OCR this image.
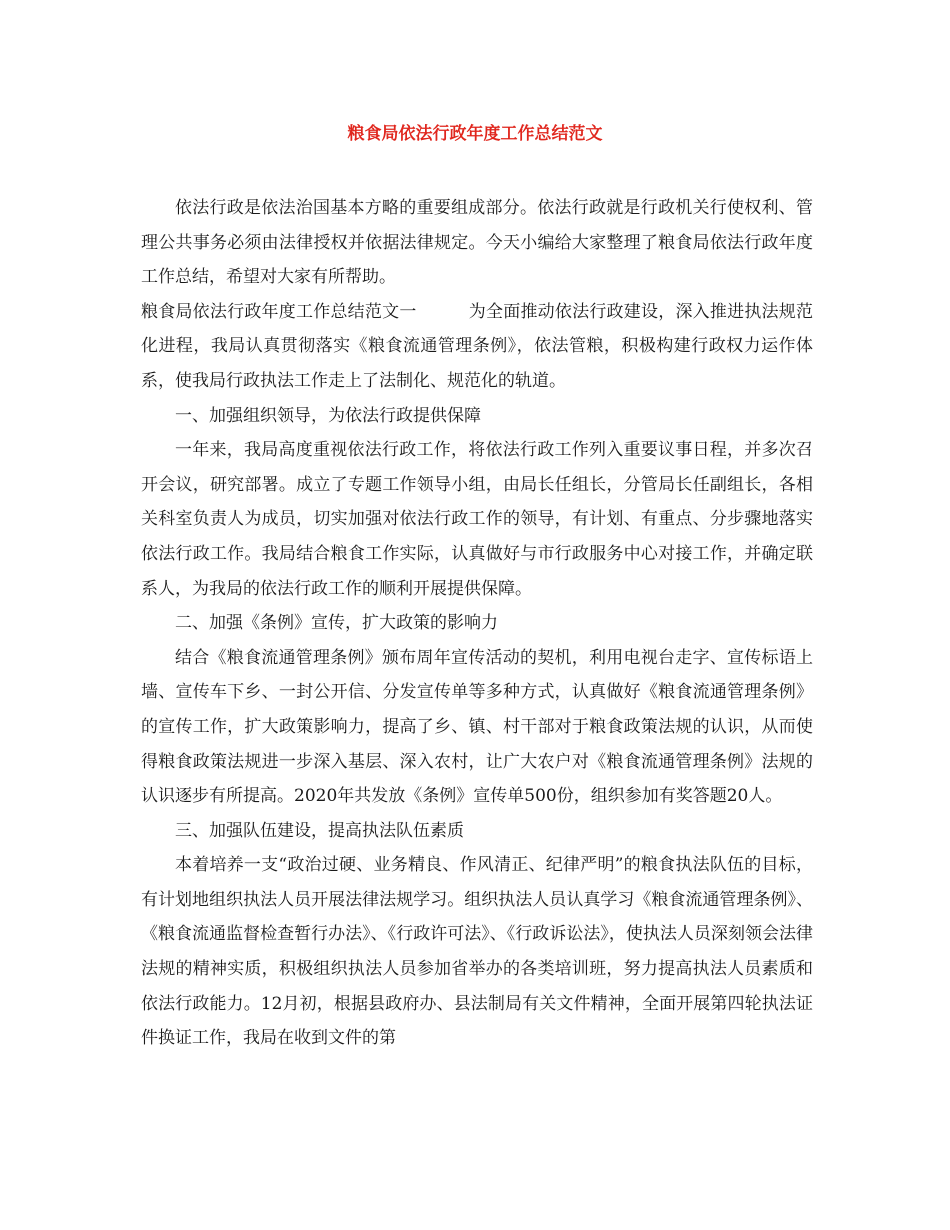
粮食局依法行政年度工作总结范文

依法行政是依法治国基本方略的重要组成部分。依法行政就是行政机关行使权利、管理公共事务必须由法律授权并依据法律规定。今天小编给大家整理了粮食局依法行政年度工作总结，希望对大家有所帮助。

粮食局依法行政年度工作总结范文一	为全面推动依法行政建设，深入推进执法规范化进程，我局认真贯彻落实《粮食流通管理条例》，依法管粮，积极构建行政权力运作体系，使我局行政执法工作走上了法制化、规范化的轨道。

一、加强组织领导，为依法行政提供保障

一年来，我局高度重视依法行政工作，将依法行政工作列入重要议事日程，并多次召开会议，研究部署。成立了专题工作领导小组，由局长任组长，分管局长任副组长，各相关科室负责人为成员，切实加强对依法行政工作的领导，有计划、有重点、分步骤地落实依法行政工作。我局结合粮食工作实际，认真做好与市行政服务中心对接工作，并确定联系人，为我局的依法行政工作的顺利开展提供保障。

二、加强《条例》宣传，扩大政策的影响力

结合《粮食流通管理条例》颁布周年宣传活动的契机，利用电视台走字、宣传标语上墙、宣传车下乡、一封公开信、分发宣传单等多种方式，认真做好《粮食流通管理条例》的宣传工作，扩大政策影响力，提高了乡、镇、村干部对于粮食政策法规的认识，从而使得粮食政策法规进一步深入基层、深入农村，让广大农户对《粮食流通管理条例》法规的认识逐步有所提高。2020年共发放《条例》宣传单500份，组织参加有奖答题20人。

三、加强队伍建设，提高执法队伍素质

本着培养一支“政治过硬、业务精良、作风清正、纪律严明”的粮食执法队伍的目标，有计划地组织执法人员开展法律法规学习。组织执法人员认真学习《粮食流通管理条例》、《粮食流通监督检查暂行办法》、《行政许可法》、《行政诉讼法》，使执法人员深刻领会法律法规的精神实质，积极组织执法人员参加省举办的各类培训班，努力提高执法人员素质和依法行政能力。12月初，根据县政府办、县法制局有关文件精神，全面开展第四轮执法证件换证工作，我局在收到文件的第
